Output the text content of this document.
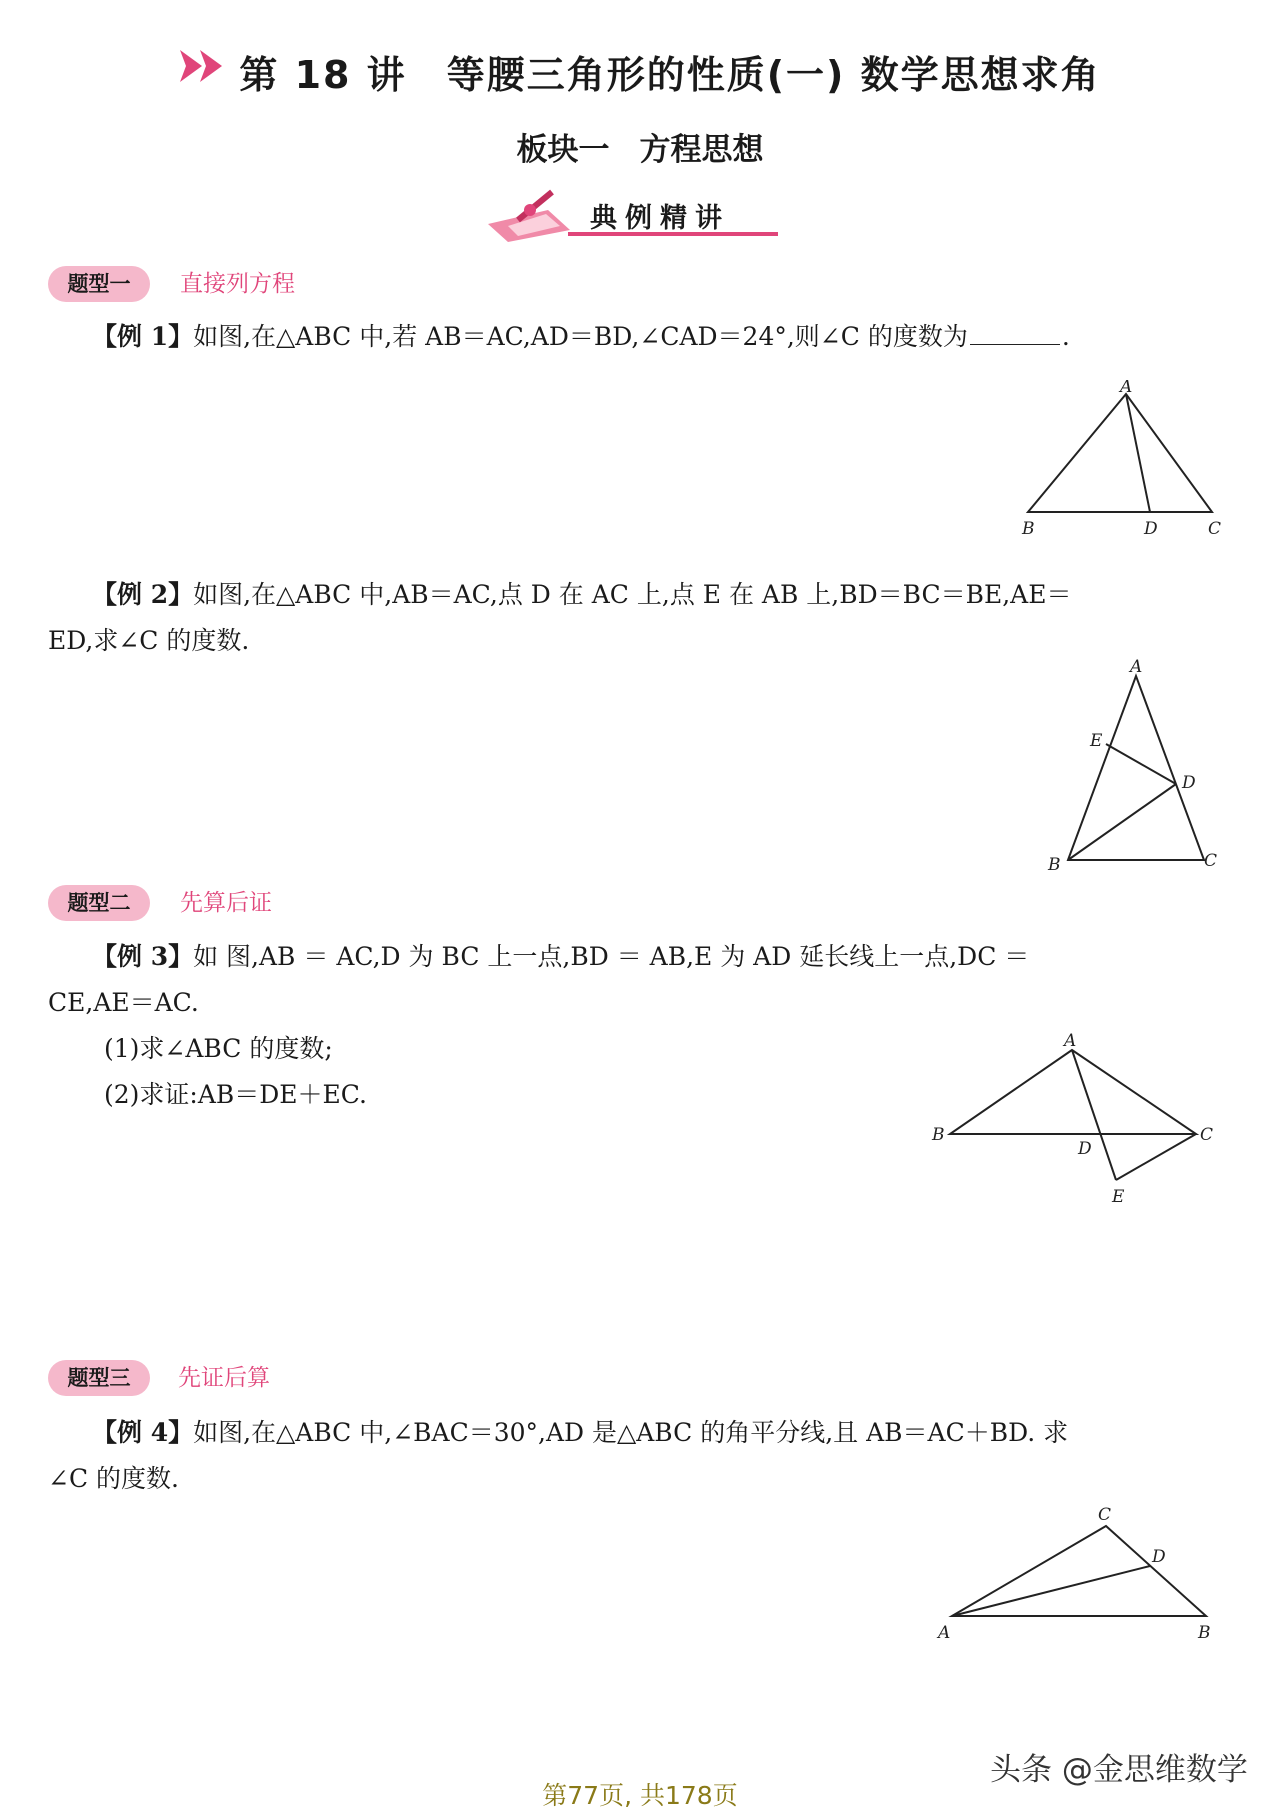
第 18 讲 等腰三角形的性质(一) 数学思想求角
板块一 方程思想
典例精讲
题型一	直接列方程
【例 1】如图,在△ABC 中,若 AB＝AC,AD＝BD,∠CAD＝24°,则∠C 的度数为	.
A
B	D	C
【例 2】如图,在△ABC 中,AB＝AC,点 D 在 AC 上,点 E 在 AB 上,BD＝BC＝BE,AE＝
ED,求∠C 的度数.
A
E
D
B	C
题型二	先算后证
【例 3】如 图,AB ＝ AC,D 为 BC 上一点,BD ＝ AB,E 为 AD 延长线上一点,DC ＝
CE,AE＝AC.
(1)求∠ABC 的度数;
(2)求证:AB＝DE＋EC.
A
B	C
D
E
题型三	先证后算
【例 4】如图,在△ABC 中,∠BAC＝30°,AD 是△ABC 的角平分线,且 AB＝AC＋BD. 求
∠C 的度数.
C
D
A	B
第77页, 共178页
头条 @金思维数学
